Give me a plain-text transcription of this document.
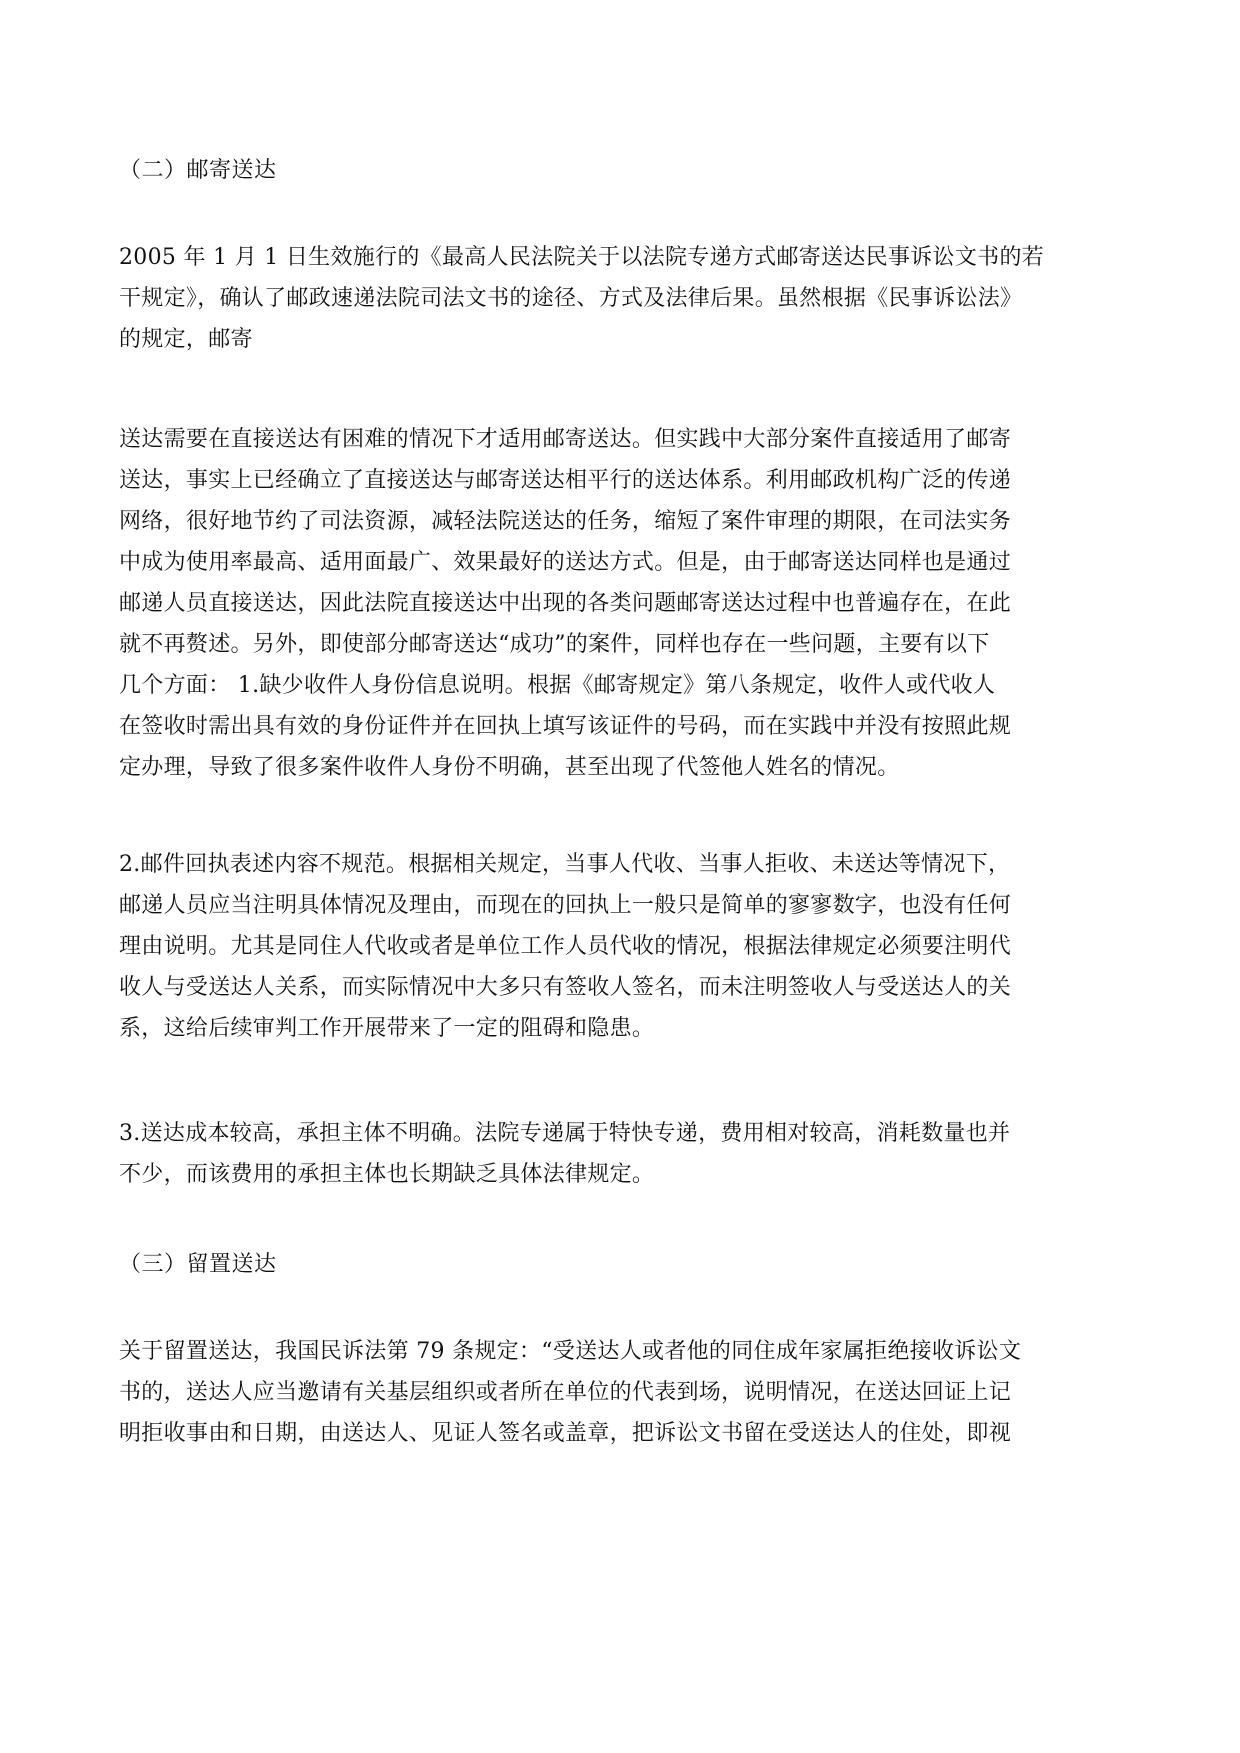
（二）邮寄送达

2005 年 1 月 1 日生效施行的《最高人民法院关于以法院专递方式邮寄送达民事诉讼文书的若
干规定》，确认了邮政速递法院司法文书的途径、方式及法律后果。虽然根据《民事诉讼法》
的规定，邮寄

送达需要在直接送达有困难的情况下才适用邮寄送达。但实践中大部分案件直接适用了邮寄
送达，事实上已经确立了直接送达与邮寄送达相平行的送达体系。利用邮政机构广泛的传递
网络，很好地节约了司法资源，减轻法院送达的任务，缩短了案件审理的期限，在司法实务
中成为使用率最高、适用面最广、效果最好的送达方式。但是，由于邮寄送达同样也是通过
邮递人员直接送达，因此法院直接送达中出现的各类问题邮寄送达过程中也普遍存在，在此
就不再赘述。另外，即使部分邮寄送达“成功”的案件，同样也存在一些问题，主要有以下
几个方面： 1.缺少收件人身份信息说明。根据《邮寄规定》第八条规定，收件人或代收人
在签收时需出具有效的身份证件并在回执上填写该证件的号码，而在实践中并没有按照此规
定办理，导致了很多案件收件人身份不明确，甚至出现了代签他人姓名的情况。

2.邮件回执表述内容不规范。根据相关规定，当事人代收、当事人拒收、未送达等情况下，
邮递人员应当注明具体情况及理由，而现在的回执上一般只是简单的寥寥数字，也没有任何
理由说明。尤其是同住人代收或者是单位工作人员代收的情况，根据法律规定必须要注明代
收人与受送达人关系，而实际情况中大多只有签收人签名，而未注明签收人与受送达人的关
系，这给后续审判工作开展带来了一定的阻碍和隐患。

3.送达成本较高，承担主体不明确。法院专递属于特快专递，费用相对较高，消耗数量也并
不少，而该费用的承担主体也长期缺乏具体法律规定。

（三）留置送达

关于留置送达，我国民诉法第 79 条规定：“受送达人或者他的同住成年家属拒绝接收诉讼文
书的，送达人应当邀请有关基层组织或者所在单位的代表到场，说明情况，在送达回证上记
明拒收事由和日期，由送达人、见证人签名或盖章，把诉讼文书留在受送达人的住处，即视
